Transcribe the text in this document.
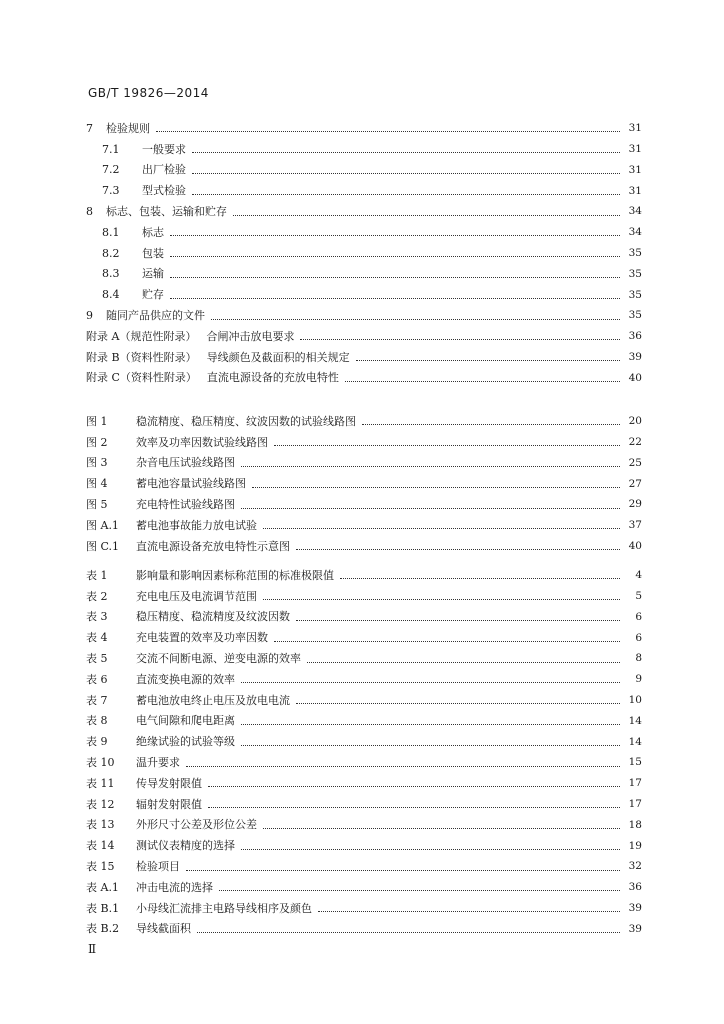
GB/T 19826—2014
7	检验规则	31
7.1	一般要求	31
7.2	出厂检验	31
7.3	型式检验	31
8	标志、包装、运输和贮存	34
8.1	标志	34
8.2	包装	35
8.3	运输	35
8.4	贮存	35
9	随同产品供应的文件	35
附录 A（规范性附录） 合闸冲击放电要求	36
附录 B（资料性附录） 导线颜色及截面积的相关规定	39
附录 C（资料性附录） 直流电源设备的充放电特性	40
图 1	稳流精度、稳压精度、纹波因数的试验线路图	20
图 2	效率及功率因数试验线路图	22
图 3	杂音电压试验线路图	25
图 4	蓄电池容量试验线路图	27
图 5	充电特性试验线路图	29
图 A.1	蓄电池事故能力放电试验	37
图 C.1	直流电源设备充放电特性示意图	40
表 1	影响量和影响因素标称范围的标准极限值	4
表 2	充电电压及电流调节范围	5
表 3	稳压精度、稳流精度及纹波因数	6
表 4	充电装置的效率及功率因数	6
表 5	交流不间断电源、逆变电源的效率	8
表 6	直流变换电源的效率	9
表 7	蓄电池放电终止电压及放电电流	10
表 8	电气间隙和爬电距离	14
表 9	绝缘试验的试验等级	14
表 10	温升要求	15
表 11	传导发射限值	17
表 12	辐射发射限值	17
表 13	外形尺寸公差及形位公差	18
表 14	测试仪表精度的选择	19
表 15	检验项目	32
表 A.1	冲击电流的选择	36
表 B.1	小母线汇流排主电路导线相序及颜色	39
表 B.2	导线截面积	39
Ⅱ
